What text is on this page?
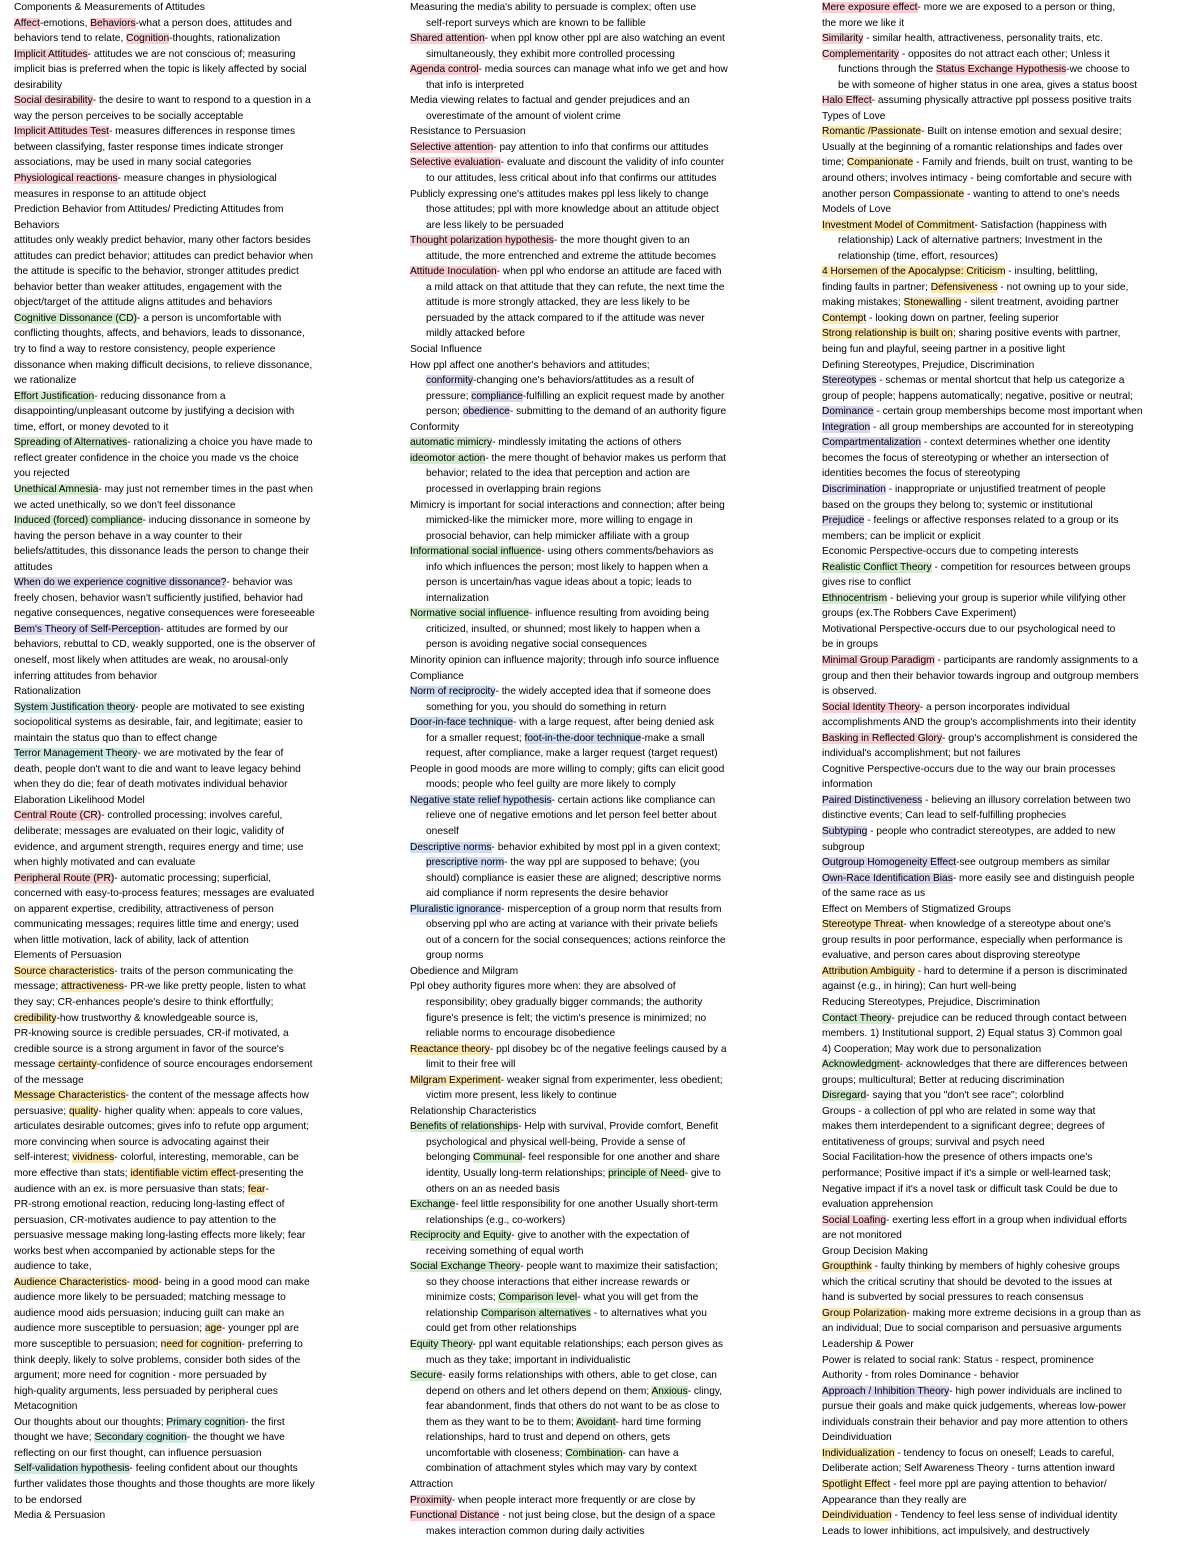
Components & Measurements of Attitudes
Affect-emotions, Behaviors-what a person does, attitudes and
behaviors tend to relate, Cognition-thoughts, rationalization
Implicit Attitudes- attitudes we are not conscious of; measuring
implicit bias is preferred when the topic is likely affected by social
desirability
Social desirability- the desire to want to respond to a question in a
way the person perceives to be socially acceptable
Implicit Attitudes Test- measures differences in response times
between classifying, faster response times indicate stronger
associations, may be used in many social categories
Physiological reactions- measure changes in physiological
measures in response to an attitude object
Prediction Behavior from Attitudes/ Predicting Attitudes from
Behaviors
attitudes only weakly predict behavior, many other factors besides
attitudes can predict behavior; attitudes can predict behavior when
the attitude is specific to the behavior, stronger attitudes predict
behavior better than weaker attitudes, engagement with the
object/target of the attitude aligns attitudes and behaviors
Cognitive Dissonance (CD)- a person is uncomfortable with
conflicting thoughts, affects, and behaviors, leads to dissonance,
try to find a way to restore consistency, people experience
dissonance when making difficult decisions, to relieve dissonance,
we rationalize
Effort Justification- reducing dissonance from a
disappointing/unpleasant outcome by justifying a decision with
time, effort, or money devoted to it
Spreading of Alternatives- rationalizing a choice you have made to
reflect greater confidence in the choice you made vs the choice
you rejected
Unethical Amnesia- may just not remember times in the past when
we acted unethically, so we don't feel dissonance
Induced (forced) compliance- inducing dissonance in someone by
having the person behave in a way counter to their
beliefs/attitudes, this dissonance leads the person to change their
attitudes
When do we experience cognitive dissonance?- behavior was
freely chosen, behavior wasn't sufficiently justified, behavior had
negative consequences, negative consequences were foreseeable
Bem's Theory of Self-Perception- attitudes are formed by our
behaviors, rebuttal to CD, weakly supported, one is the observer of
oneself, most likely when attitudes are weak, no arousal-only
inferring attitudes from behavior
Rationalization
System Justification theory- people are motivated to see existing
sociopolitical systems as desirable, fair, and legitimate; easier to
maintain the status quo than to effect change
Terror Management Theory- we are motivated by the fear of
death, people don't want to die and want to leave legacy behind
when they do die; fear of death motivates individual behavior
Elaboration Likelihood Model
Central Route (CR)- controlled processing; involves careful,
deliberate; messages are evaluated on their logic, validity of
evidence, and argument strength, requires energy and time; use
when highly motivated and can evaluate
Peripheral Route (PR)- automatic processing; superficial,
concerned with easy-to-process features; messages are evaluated
on apparent expertise, credibility, attractiveness of person
communicating messages; requires little time and energy; used
when little motivation, lack of ability, lack of attention
Elements of Persuasion
Source characteristics- traits of the person communicating the
message; attractiveness- PR-we like pretty people, listen to what
they say; CR-enhances people's desire to think effortfully;
credibility-how trustworthy & knowledgeable source is,
PR-knowing source is credible persuades, CR-if motivated, a
credible source is a strong argument in favor of the source's
message certainty-confidence of source encourages endorsement
of the message
Message Characteristics- the content of the message affects how
persuasive; quality- higher quality when: appeals to core values,
articulates desirable outcomes; gives info to refute opp argument;
more convincing when source is advocating against their
self-interest; vividness- colorful, interesting, memorable, can be
more effective than stats; identifiable victim effect-presenting the
audience with an ex. is more persuasive than stats; fear-
PR-strong emotional reaction, reducing long-lasting effect of
persuasion, CR-motivates audience to pay attention to the
persuasive message making long-lasting effects more likely; fear
works best when accompanied by actionable steps for the
audience to take,
Audience Characteristics- mood- being in a good mood can make
audience more likely to be persuaded; matching message to
audience mood aids persuasion; inducing guilt can make an
audience more susceptible to persuasion; age- younger ppl are
more susceptible to persuasion; need for cognition- preferring to
think deeply, likely to solve problems, consider both sides of the
argument; more need for cognition - more persuaded by
high-quality arguments, less persuaded by peripheral cues
Metacognition
Our thoughts about our thoughts; Primary cognition- the first
thought we have; Secondary cognition- the thought we have
reflecting on our first thought, can influence persuasion
Self-validation hypothesis- feeling confident about our thoughts
further validates those thoughts and those thoughts are more likely
to be endorsed
Media & Persuasion
Measuring the media's ability to persuade is complex; often use
self-report surveys which are known to be fallible
Shared attention- when ppl know other ppl are also watching an event
simultaneously, they exhibit more controlled processing
Agenda control- media sources can manage what info we get and how
that info is interpreted
Media viewing relates to factual and gender prejudices and an
overestimate of the amount of violent crime
Resistance to Persuasion
Selective attention- pay attention to info that confirms our attitudes
Selective evaluation- evaluate and discount the validity of info counter
to our attitudes, less critical about info that confirms our attitudes
Publicly expressing one's attitudes makes ppl less likely to change
those attitudes; ppl with more knowledge about an attitude object
are less likely to be persuaded
Thought polarization hypothesis- the more thought given to an
attitude, the more entrenched and extreme the attitude becomes
Attitude Inoculation- when ppl who endorse an attitude are faced with
a mild attack on that attitude that they can refute, the next time the
attitude is more strongly attacked, they are less likely to be
persuaded by the attack compared to if the attitude was never
mildly attacked before
Social Influence
How ppl affect one another's behaviors and attitudes;
conformity-changing one's behaviors/attitudes as a result of
pressure; compliance-fulfilling an explicit request made by another
person; obedience- submitting to the demand of an authority figure
Conformity
automatic mimicry- mindlessly imitating the actions of others
ideomotor action- the mere thought of behavior makes us perform that
behavior; related to the idea that perception and action are
processed in overlapping brain regions
Mimicry is important for social interactions and connection; after being
mimicked-like the mimicker more, more willing to engage in
prosocial behavior, can help mimicker affiliate with a group
Informational social influence- using others comments/behaviors as
info which influences the person; most likely to happen when a
person is uncertain/has vague ideas about a topic; leads to
internalization
Normative social influence- influence resulting from avoiding being
criticized, insulted, or shunned; most likely to happen when a
person is avoiding negative social consequences
Minority opinion can influence majority; through info source influence
Compliance
Norm of reciprocity- the widely accepted idea that if someone does
something for you, you should do something in return
Door-in-face technique- with a large request, after being denied ask
for a smaller request; foot-in-the-door technique-make a small
request, after compliance, make a larger request (target request)
People in good moods are more willing to comply; gifts can elicit good
moods; people who feel guilty are more likely to comply
Negative state relief hypothesis- certain actions like compliance can
relieve one of negative emotions and let person feel better about
oneself
Descriptive norms- behavior exhibited by most ppl in a given context;
prescriptive norm- the way ppl are supposed to behave; (you
should) compliance is easier these are aligned; descriptive norms
aid compliance if norm represents the desire behavior
Pluralistic ignorance- misperception of a group norm that results from
observing ppl who are acting at variance with their private beliefs
out of a concern for the social consequences; actions reinforce the
group norms
Obedience and Milgram
Ppl obey authority figures more when: they are absolved of
responsibility; obey gradually bigger commands; the authority
figure's presence is felt; the victim's presence is minimized; no
reliable norms to encourage disobedience
Reactance theory- ppl disobey bc of the negative feelings caused by a
limit to their free will
Milgram Experiment- weaker signal from experimenter, less obedient;
victim more present, less likely to continue
Relationship Characteristics
Benefits of relationships- Help with survival, Provide comfort, Benefit
psychological and physical well-being, Provide a sense of
belonging Communal- feel responsible for one another and share
identity, Usually long-term relationships; principle of Need- give to
others on an as needed basis
Exchange- feel little responsibility for one another Usually short-term
relationships (e.g., co-workers)
Reciprocity and Equity- give to another with the expectation of
receiving something of equal worth
Social Exchange Theory- people want to maximize their satisfaction;
so they choose interactions that either increase rewards or
minimize costs; Comparison level- what you will get from the
relationship Comparison alternatives - to alternatives what you
could get from other relationships
Equity Theory- ppl want equitable relationships; each person gives as
much as they take; important in individualistic
Secure- easily forms relationships with others, able to get close, can
depend on others and let others depend on them; Anxious- clingy,
fear abandonment, finds that others do not want to be as close to
them as they want to be to them; Avoidant- hard time forming
relationships, hard to trust and depend on others, gets
uncomfortable with closeness; Combination- can have a
combination of attachment styles which may vary by context
Attraction
Proximity- when people interact more frequently or are close by
Functional Distance - not just being close, but the design of a space
makes interaction common during daily activities
Mere exposure effect- more we are exposed to a person or thing,
the more we like it
Similarity - similar health, attractiveness, personality traits, etc.
Complementarity - opposites do not attract each other; Unless it
functions through the Status Exchange Hypothesis-we choose to
be with someone of higher status in one area, gives a status boost
Halo Effect- assuming physically attractive ppl possess positive traits
Types of Love
Romantic /Passionate- Built on intense emotion and sexual desire;
Usually at the beginning of a romantic relationships and fades over
time; Companionate - Family and friends, built on trust, wanting to be
around others; involves intimacy - being comfortable and secure with
another person Compassionate - wanting to attend to one's needs
Models of Love
Investment Model of Commitment- Satisfaction (happiness with
relationship) Lack of alternative partners; Investment in the
relationship (time, effort, resources)
4 Horsemen of the Apocalypse: Criticism - insulting, belittling,
finding faults in partner; Defensiveness - not owning up to your side,
making mistakes; Stonewalling - silent treatment, avoiding partner
Contempt - looking down on partner, feeling superior
Strong relationship is built on; sharing positive events with partner,
being fun and playful, seeing partner in a positive light
Defining Stereotypes, Prejudice, Discrimination
Stereotypes - schemas or mental shortcut that help us categorize a
group of people; happens automatically; negative, positive or neutral;
Dominance - certain group memberships become most important when
Integration - all group memberships are accounted for in stereotyping
Compartmentalization - context determines whether one identity
becomes the focus of stereotyping or whether an intersection of
identities becomes the focus of stereotyping
Discrimination - inappropriate or unjustified treatment of people
based on the groups they belong to; systemic or institutional
Prejudice - feelings or affective responses related to a group or its
members; can be implicit or explicit
Economic Perspective-occurs due to competing interests
Realistic Conflict Theory - competition for resources between groups
gives rise to conflict
Ethnocentrism - believing your group is superior while vilifying other
groups (ex.The Robbers Cave Experiment)
Motivational Perspective-occurs due to our psychological need to
be in groups
Minimal Group Paradigm - participants are randomly assignments to a
group and then their behavior towards ingroup and outgroup members
is observed.
Social Identity Theory- a person incorporates individual
accomplishments AND the group's accomplishments into their identity
Basking in Reflected Glory- group's accomplishment is considered the
individual's accomplishment; but not failures
Cognitive Perspective-occurs due to the way our brain processes
information
Paired Distinctiveness - believing an illusory correlation between two
distinctive events; Can lead to self-fulfilling prophecies
Subtyping - people who contradict stereotypes, are added to new
subgroup
Outgroup Homogeneity Effect-see outgroup members as similar
Own-Race Identification Bias- more easily see and distinguish people
of the same race as us
Effect on Members of Stigmatized Groups
Stereotype Threat- when knowledge of a stereotype about one's
group results in poor performance, especially when performance is
evaluative, and person cares about disproving stereotype
Attribution Ambiguity - hard to determine if a person is discriminated
against (e.g., in hiring); Can hurt well-being
Reducing Stereotypes, Prejudice, Discrimination
Contact Theory- prejudice can be reduced through contact between
members. 1) Institutional support, 2) Equal status 3) Common goal
4) Cooperation; May work due to personalization
Acknowledgment- acknowledges that there are differences between
groups; multicultural; Better at reducing discrimination
Disregard- saying that you "don't see race"; colorblind
Groups - a collection of ppl who are related in some way that
makes them interdependent to a significant degree; degrees of
entitativeness of groups; survival and psych need
Social Facilitation-how the presence of others impacts one's
performance; Positive impact if it's a simple or well-learned task;
Negative impact if it's a novel task or difficult task Could be due to
evaluation apprehension
Social Loafing- exerting less effort in a group when individual efforts
are not monitored
Group Decision Making
Groupthink - faulty thinking by members of highly cohesive groups
which the critical scrutiny that should be devoted to the issues at
hand is subverted by social pressures to reach consensus
Group Polarization- making more extreme decisions in a group than as
an individual; Due to social comparison and persuasive arguments
Leadership & Power
Power is related to social rank: Status - respect, prominence
Authority - from roles Dominance - behavior
Approach / Inhibition Theory- high power individuals are inclined to
pursue their goals and make quick judgements, whereas low-power
individuals constrain their behavior and pay more attention to others
Deindividuation
Individualization - tendency to focus on oneself; Leads to careful,
Deliberate action; Self Awareness Theory - turns attention inward
Spotlight Effect - feel more ppl are paying attention to behavior/
Appearance than they really are
Deindividuation - Tendency to feel less sense of individual identity
Leads to lower inhibitions, act impulsively, and destructively
